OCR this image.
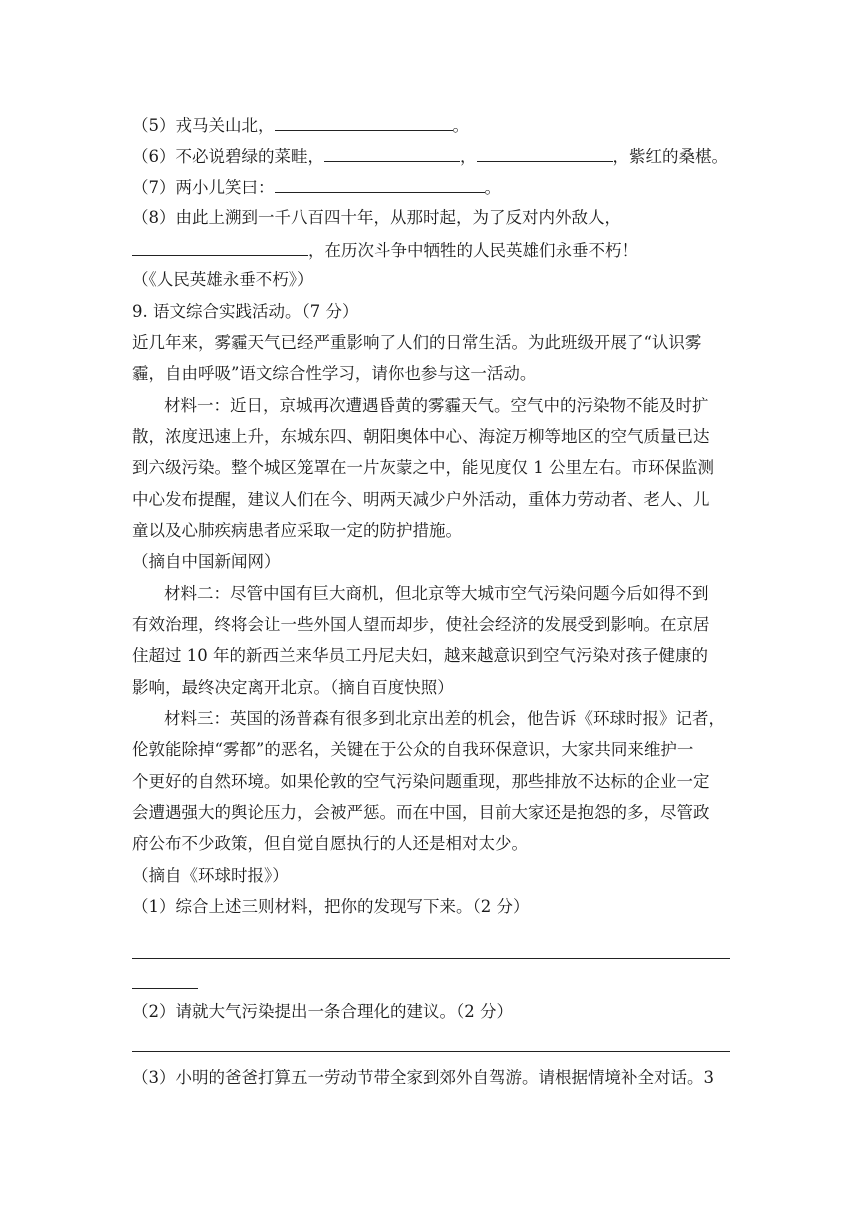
（5）戎马关山北，	。
（6）不必说碧绿的菜畦，	，	，紫红的桑椹。
（7）两小儿笑曰：	。
（8）由此上溯到一千八百四十年，从那时起，为了反对内外敌人，
，在历次斗争中牺牲的人民英雄们永垂不朽！
（《人民英雄永垂不朽》）
9. 语文综合实践活动。（7 分）
近几年来，雾霾天气已经严重影响了人们的日常生活。为此班级开展了“认识雾
霾，自由呼吸”语文综合性学习，请你也参与这一活动。
材料一：近日，京城再次遭遇昏黄的雾霾天气。空气中的污染物不能及时扩
散，浓度迅速上升，东城东四、朝阳奥体中心、海淀万柳等地区的空气质量已达
到六级污染。整个城区笼罩在一片灰蒙之中，能见度仅 1 公里左右。市环保监测
中心发布提醒，建议人们在今、明两天减少户外活动，重体力劳动者、老人、儿
童以及心肺疾病患者应采取一定的防护措施。
（摘自中国新闻网）
材料二：尽管中国有巨大商机，但北京等大城市空气污染问题今后如得不到
有效治理，终将会让一些外国人望而却步，使社会经济的发展受到影响。在京居
住超过 10 年的新西兰来华员工丹尼夫妇，越来越意识到空气污染对孩子健康的
影响，最终决定离开北京。（摘自百度快照）
材料三：英国的汤普森有很多到北京出差的机会，他告诉《环球时报》记者，
伦敦能除掉“雾都”的恶名，关键在于公众的自我环保意识，大家共同来维护一
个更好的自然环境。如果伦敦的空气污染问题重现，那些排放不达标的企业一定
会遭遇强大的舆论压力，会被严惩。而在中国，目前大家还是抱怨的多，尽管政
府公布不少政策，但自觉自愿执行的人还是相对太少。
（摘自《环球时报》）
（1）综合上述三则材料，把你的发现写下来。（2 分）
（2）请就大气污染提出一条合理化的建议。（2 分）
（3）小明的爸爸打算五一劳动节带全家到郊外自驾游。请根据情境补全对话。3
